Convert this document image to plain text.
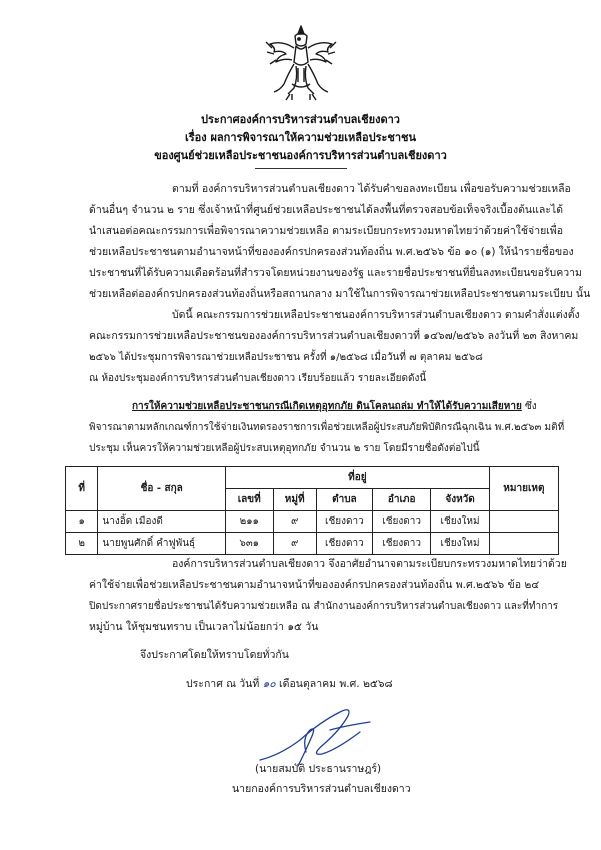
ประกาศองค์การบริหารส่วนตำบลเชียงดาว
เรื่อง ผลการพิจารณาให้ความช่วยเหลือประชาชน
ของศูนย์ช่วยเหลือประชาชนองค์การบริหารส่วนตำบลเชียงดาว
ตามที่ องค์การบริหารส่วนตำบลเชียงดาว ได้รับคำขอลงทะเบียน เพื่อขอรับความช่วยเหลือ
ด้านอื่นๆ จำนวน ๒ ราย ซึ่งเจ้าหน้าที่ศูนย์ช่วยเหลือประชาชนได้ลงพื้นที่ตรวจสอบข้อเท็จจริงเบื้องต้นและได้
นำเสนอต่อคณะกรรมการเพื่อพิจารณาความช่วยเหลือ ตามระเบียบกระทรวงมหาดไทยว่าด้วยค่าใช้จ่ายเพื่อ
ช่วยเหลือประชาชนตามอำนาจหน้าที่ขององค์กรปกครองส่วนท้องถิ่น พ.ศ.๒๕๖๖ ข้อ ๑๐ (๑) ให้นำรายชื่อของ
ประชาชนที่ได้รับความเดือดร้อนที่สำรวจโดยหน่วยงานของรัฐ และรายชื่อประชาชนที่ยื่นลงทะเบียนขอรับความ
ช่วยเหลือต่อองค์กรปกครองส่วนท้องถิ่นหรือสถานกลาง มาใช้ในการพิจารณาช่วยเหลือประชาชนตามระเบียบ นั้น
บัดนี้ คณะกรรมการช่วยเหลือประชาชนองค์การบริหารส่วนตำบลเชียงดาว ตามคำสั่งแต่งตั้ง
คณะกรรมการช่วยเหลือประชาชนขององค์การบริหารส่วนตำบลเชียงดาวที่ ๑๔๖๗/๒๕๖๖ ลงวันที่ ๒๓ สิงหาคม
๒๕๖๖ ได้ประชุมการพิจารณาช่วยเหลือประชาชน ครั้งที่ ๑/๒๕๖๘ เมื่อวันที่ ๗ ตุลาคม ๒๕๖๘
ณ ห้องประชุมองค์การบริหารส่วนตำบลเชียงดาว เรียบร้อยแล้ว รายละเอียดดังนี้
การให้ความช่วยเหลือประชาชนกรณีเกิดเหตุอุทกภัย ดินโคลนถล่ม ทำให้ได้รับความเสียหาย ซึ่ง
พิจารณาตามหลักเกณฑ์การใช้จ่ายเงินทดรองราชการเพื่อช่วยเหลือผู้ประสบภัยพิบัติกรณีฉุกเฉิน พ.ศ.๒๕๖๓ มติที่
ประชุม เห็นควรให้ความช่วยเหลือผู้ประสบเหตุอุทกภัย จำนวน ๒ ราย โดยมีรายชื่อดังต่อไปนี้
ที่	ชื่อ - สกุล	ที่อยู่					หมายเหตุ
		เลขที่	หมู่ที่	ตำบล	อำเภอ	จังหวัด	
๑	นางอิ้ด เมืองดี	๒๑๑	๙	เชียงดาว	เชียงดาว	เชียงใหม่	
๒	นายพูนศักดิ์ คำฟูพันธุ์	๖๓๑	๙	เชียงดาว	เชียงดาว	เชียงใหม่	
องค์การบริหารส่วนตำบลเชียงดาว จึงอาศัยอำนาจตามระเบียบกระทรวงมหาดไทยว่าด้วย
ค่าใช้จ่ายเพื่อช่วยเหลือประชาชนตามอำนาจหน้าที่ขององค์กรปกครองส่วนท้องถิ่น พ.ศ.๒๕๖๖ ข้อ ๒๔
ปิดประกาศรายชื่อประชาชนได้รับความช่วยเหลือ ณ สำนักงานองค์การบริหารส่วนตำบลเชียงดาว และที่ทำการ
หมู่บ้าน ให้ชุมชนทราบ เป็นเวลาไม่น้อยกว่า ๑๕ วัน
จึงประกาศโดยให้ทราบโดยทั่วกัน
ประกาศ ณ วันที่ ๑๐ เดือนตุลาคม พ.ศ. ๒๕๖๘
(นายสมบัติ ประธานราษฎร์)
นายกองค์การบริหารส่วนตำบลเชียงดาว
